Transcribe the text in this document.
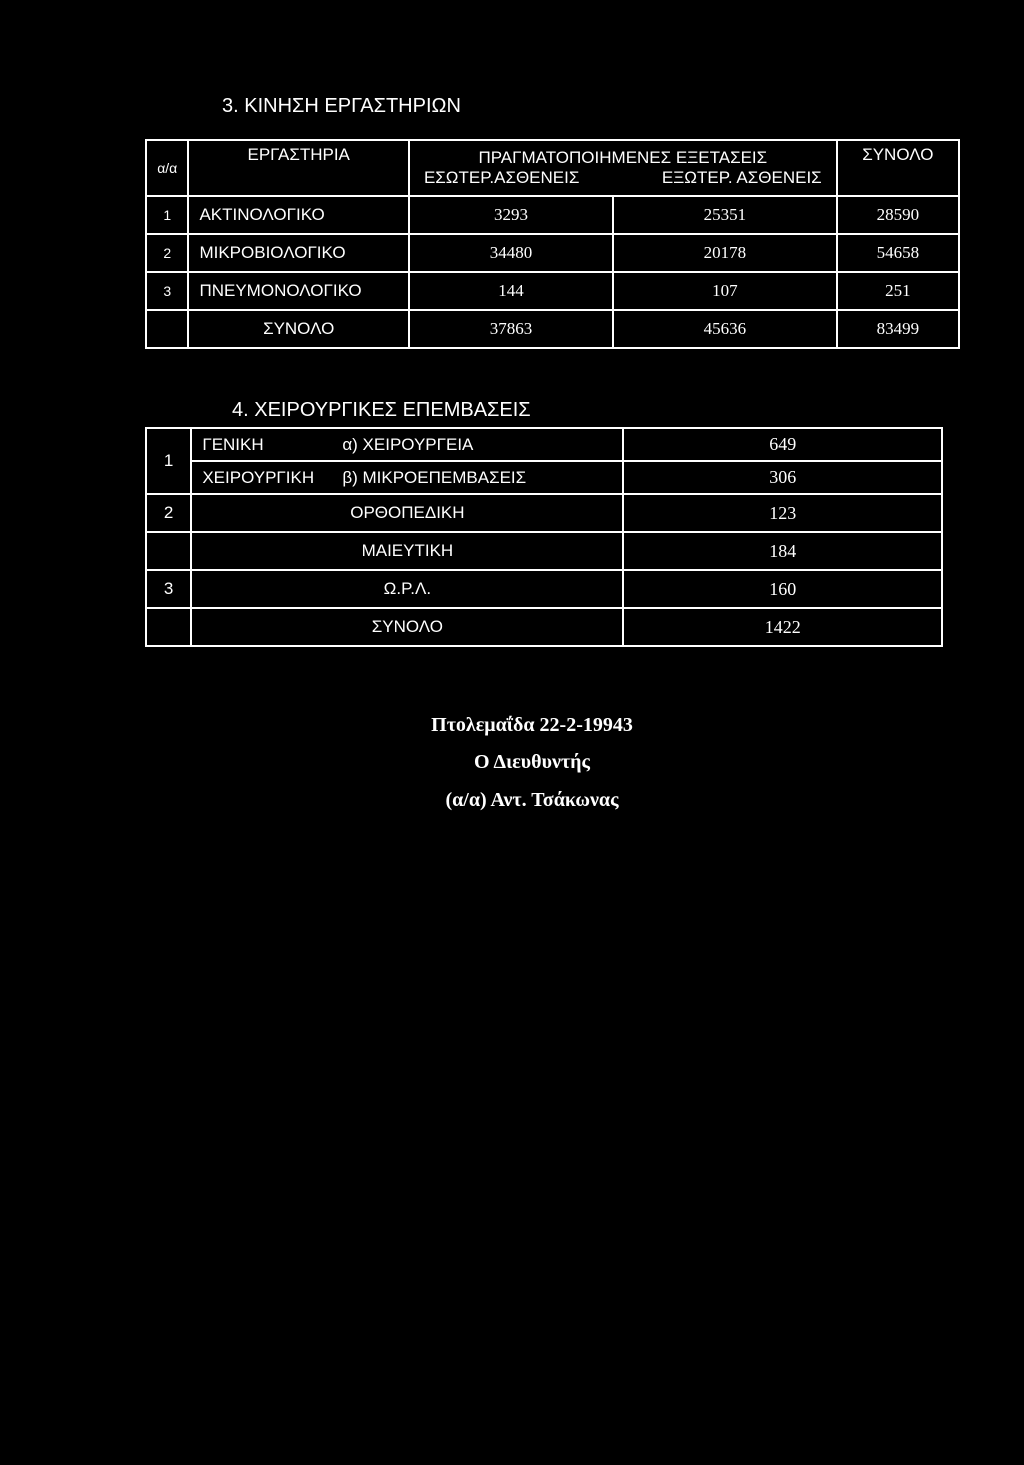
3. ΚΙΝΗΣΗ ΕΡΓΑΣΤΗΡΙΩΝ
α/α	ΕΡΓΑΣΤΗΡΙΑ	ΠΡΑΓΜΑΤΟΠΟΙΗΜΕΝΕΣ ΕΞΕΤΑΣΕΙΣ
ΕΣΩΤΕΡ.ΑΣΘΕΝΕΙΣ ΕΞΩΤΕΡ. ΑΣΘΕΝΕΙΣ		ΣΥΝΟΛΟ
1	ΑΚΤΙΝΟΛΟΓΙΚΟ	3293	25351	28590
2	ΜΙΚΡΟΒΙΟΛΟΓΙΚΟ	34480	20178	54658
3	ΠΝΕΥΜΟΝΟΛΟΓΙΚΟ	144	107	251
	ΣΥΝΟΛΟ	37863	45636	83499
4. ΧΕΙΡΟΥΡΓΙΚΕΣ ΕΠΕΜΒΑΣΕΙΣ
1	ΓΕΝΙΚΗ α) ΧΕΙΡΟΥΡΓΕΙΑ	649

	ΧΕΙΡΟΥΡΓΙΚΗ β) ΜΙΚΡΟΕΠΕΜΒΑΣΕΙΣ	306
2	ΟΡΘΟΠΕΔΙΚΗ	123
	ΜΑΙΕΥΤΙΚΗ	184
3	Ω.Ρ.Λ.	160
	ΣΥΝΟΛΟ	1422
Πτολεμαΐδα 22-2-19943
Ο Διευθυντής
(α/α) Αντ. Τσάκωνας
